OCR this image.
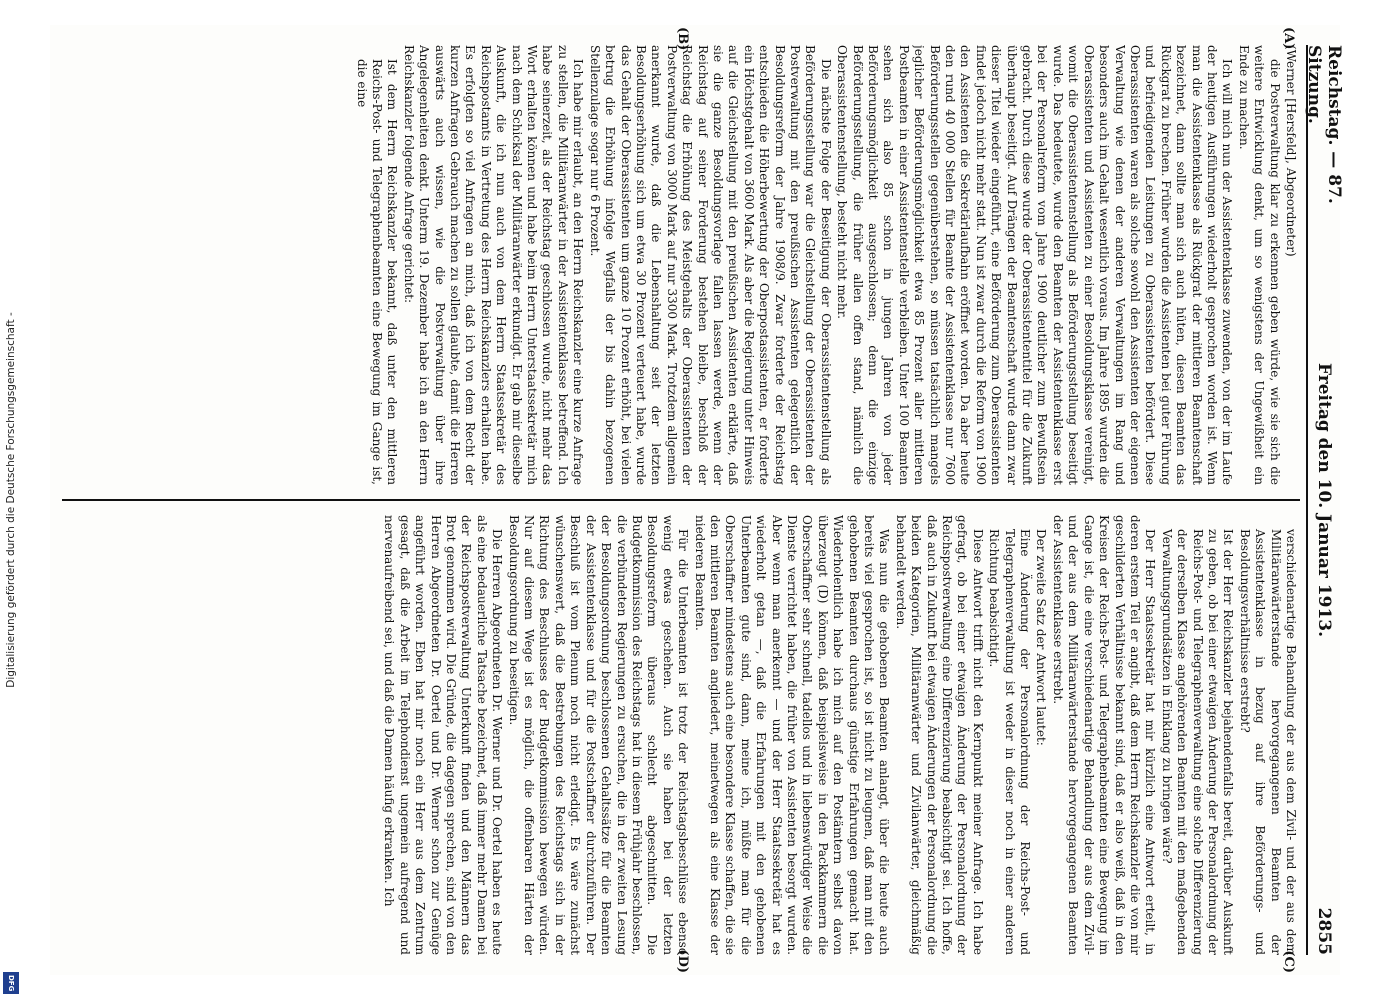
Digitalisierung gefördert durch die Deutsche Forschungsgemeinschaft -
DFG
Reichstag. — 87. Sitzung.
Freitag den 10. Januar 1913.
2855
(A)
(B)
(C)
(D)

(Werner [Hersfeld], Abgeordneter)

die Postverwaltung klar zu erkennen geben würde, wie sie sich die weitere Entwicklung denkt, um so wenigstens der Ungewißheit ein Ende zu machen.

Ich will mich nun der Assistentenklasse zuwenden, von der im Laufe der heutigen Ausführungen wiederholt gesprochen worden ist. Wenn man die Assistentenklasse als Rückgrat der mittleren Beamtenschaft bezeichnet, dann sollte man sich auch hüten, diesen Beamten das Rückgrat zu brechen. Früher wurden die Assistenten bei guter Führung und befriedigenden Leistungen zu Oberassistenten befördert. Diese Oberassistenten waren als solche sowohl den Assistenten der eigenen Verwaltung wie denen der anderen Verwaltungen im Rang und besonders auch im Gehalt wesentlich voraus. Im Jahre 1895 wurden die Oberassistenten und Assistenten zu einer Besoldungsklasse vereinigt, womit die Oberassistentenstellung als Beförderungsstellung beseitigt wurde. Das bedeutete, wurde den Beamten der Assistentenklasse erst bei der Personalreform vom Jahre 1900 deutlicher zum Bewußtsein gebracht. Durch diese wurde der Oberassistententitel für die Zukunft überhaupt beseitigt. Auf Drängen der Beamtenschaft wurde dann zwar dieser Titel wieder eingeführt, eine Beförderung zum Oberassistenten findet jedoch nicht mehr statt. Nun ist zwar durch die Reform von 1900 den Assistenten die Sekretärlaufbahn eröffnet worden. Da aber heute den rund 40 000 Stellen für Beamte der Assistentenklasse nur 7600 Beförderungsstellen gegenüberstehen, so müssen tatsächlich mangels jeglicher Beförderungsmöglichkeit etwa 85 Prozent aller mittleren Postbeamten in einer Assistentenstelle verbleiben. Unter 100 Beamten sehen sich also 85 schon in jungen Jahren von jeder Beförderungsmöglichkeit ausgeschlossen; denn die einzige Beförderungsstellung, die früher allen offen stand, nämlich die Oberassistentenstellung, besteht nicht mehr.

Die nächste Folge der Beseitigung der Oberassistentenstellung als Beförderungsstellung war die Gleichstellung der Oberassistenten der Postverwaltung mit den preußischen Assistenten gelegentlich der Besoldungsreform der Jahre 1908/9. Zwar forderte der Reichstag entschieden die Höherbewertung der Oberpostassistenten, er forderte ein Höchstgehalt von 3600 Mark. Als aber die Regierung unter Hinweis auf die Gleichstellung mit den preußischen Assistenten erklärte, daß sie die ganze Besoldungsvorlage fallen lassen werde, wenn der Reichstag auf seiner Forderung bestehen bleibe, beschloß der Reichstag die Erhöhung des Meistgehalts der Oberassistenten der Postverwaltung von 3000 Mark auf nur 3300 Mark. Trotzdem allgemein anerkannt wurde, daß die Lebenshaltung seit der letzten Besoldungserhöhung sich um etwa 30 Prozent verteuert habe, wurde das Gehalt der Oberassistenten um ganze 10 Prozent erhöht, bei vielen betrug die Erhöhung infolge Wegfalls der bis dahin bezogenen Stellenzulage sogar nur 6 Prozent.

Ich habe mir erlaubt, an den Herrn Reichskanzler eine kurze Anfrage zu stellen, die Militäranwärter in der Assistentenklasse betreffend. Ich habe seinerzeit, als der Reichstag geschlossen wurde, nicht mehr das Wort erhalten können und habe beim Herrn Unterstaatssekretär mich nach dem Schicksal der Militäranwärter erkundigt. Er gab mir dieselbe Auskunft, die ich nun auch von dem Herrn Staatssekretär des Reichspostamts in Vertretung des Herrn Reichskanzlers erhalten habe. Es erfolgten so viel Anfragen an mich, daß ich von dem Recht der kurzen Anfragen Gebrauch machen zu sollen glaubte, damit die Herren auswärts auch wissen, wie die Postverwaltung über ihre Angelegenheiten denkt. Unterm 19. Dezember habe ich an den Herrn Reichskanzler folgende Anfrage gerichtet:

Ist dem Herrn Reichskanzler bekannt, daß unter den mittleren Reichs-Post- und Telegraphenbeamten eine Bewegung im Gange ist, die eine

verschiedenartige Behandlung der aus dem Zivil- und der aus dem Militäranwärterstande hervorgegangenen Beamten der Assistentenklasse in bezug auf ihre Beförderungs- und Besoldungsverhältnisse erstrebt?

Ist der Herr Reichskanzler bejahendenfalls bereit, darüber Auskunft zu geben, ob bei einer etwaigen Änderung der Personalordnung der Reichs-Post- und Telegraphenverwaltung eine solche Differenzierung der derselben Klasse angehörenden Beamten mit den maßgebenden Verwaltungsgrundsätzen in Einklang zu bringen wäre?

Der Herr Staatssekretär hat mir kürzlich eine Antwort erteilt, in deren erstem Teil er angibt, daß dem Herrn Reichskanzler die von mir geschilderten Verhältnisse bekannt sind, daß er also weiß, daß in den Kreisen der Reichs-Post- und Telegraphenbeamten eine Bewegung im Gange ist, die eine verschiedenartige Behandlung der aus dem Zivil- und der aus dem Militäranwärterstande hervorgegangenen Beamten der Assistentenklasse erstrebt.

Der zweite Satz der Antwort lautet:

Eine Änderung der Personalordnung der Reichs-Post- und Telegraphenverwaltung ist weder in dieser noch in einer anderen Richtung beabsichtigt.

Diese Antwort trifft nicht den Kernpunkt meiner Anfrage. Ich habe gefragt, ob bei einer etwaigen Änderung der Personalordnung der Reichspostverwaltung eine Differenzierung beabsichtigt sei. Ich hoffe, daß auch in Zukunft bei etwaigen Änderungen der Personalordnung die beiden Kategorien, Militäranwärter und Zivilanwärter, gleichmäßig behandelt werden.

Was nun die gehobenen Beamten anlangt, über die heute auch bereits viel gesprochen ist, so ist nicht zu leugnen, daß man mit den gehobenen Beamten durchaus günstige Erfahrungen gemacht hat. Wiederholentlich habe ich mich auf den Postämtern selbst davon überzeugt (D) können, daß beispielsweise in den Packkammern die Oberschaffner sehr schnell, tadellos und in liebenswürdiger Weise die Dienste verrichtet haben, die früher von Assistenten besorgt wurden. Aber wenn man anerkennt — und der Herr Staatssekretär hat es wiederholt getan —, daß die Erfahrungen mit den gehobenen Unterbeamten gute sind, dann, meine ich, müßte man für die Oberschaffner mindestens auch eine besondere Klasse schaffen, die sie den mittleren Beamten angliedert, meinetwegen als eine Klasse der niederen Beamten.

Für die Unterbeamten ist trotz der Reichstagsbeschlüsse ebenso wenig etwas geschehen. Auch sie haben bei der letzten Besoldungsreform überaus schlecht abgeschnitten. Die Budgetkommission des Reichstags hat in diesem Frühjahr beschlossen, die verbündeten Regierungen zu ersuchen, die in der zweiten Lesung der Besoldungsordnung beschlossenen Gehaltssätze für die Beamten der Assistentenklasse und für die Postschaffner durchzuführen. Der Beschluß ist vom Plenum noch nicht erledigt. Es wäre zunächst wünschenswert, daß die Bestrebungen des Reichstags sich in der Richtung des Beschlusses der Budgetkommission bewegen würden. Nur auf diesem Wege ist es möglich, die offenbaren Härten der Besoldungsordnung zu beseitigen.

Die Herren Abgeordneten Dr. Werner und Dr. Oertel haben es heute als eine bedauerliche Tatsache bezeichnet, daß immer mehr Damen bei der Reichspostverwaltung Unterkunft finden und den Männern das Brot genommen wird. Die Gründe, die dagegen sprechen, sind von den Herren Abgeordneten Dr. Oertel und Dr. Werner schon zur Genüge angeführt worden. Eben hat mir noch ein Herr aus dem Zentrum gesagt, daß die Arbeit im Telephondienst ungemein aufregend und nervenaufreibend sei, und daß die Damen häufig erkranken. Ich
